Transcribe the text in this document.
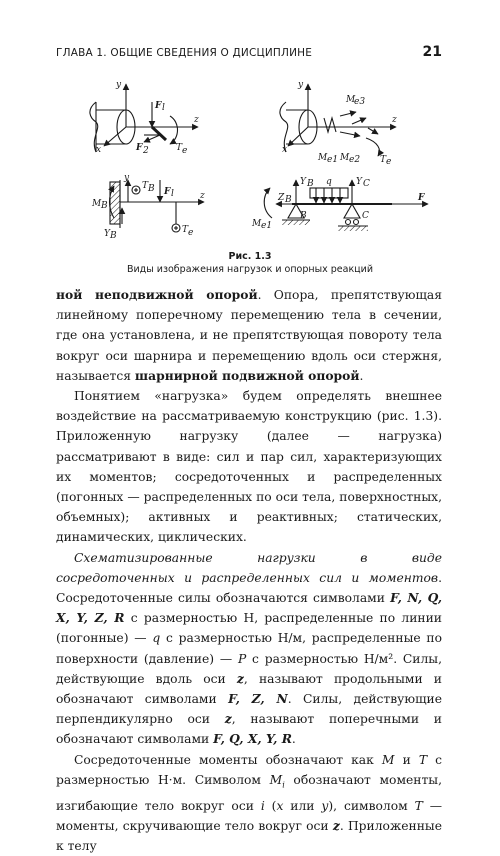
ГЛАВА 1. ОБЩИЕ СВЕДЕНИЯ О ДИСЦИПЛИНЕ	21
y
x
z
F l
F 2	T e
y
x
z
M
e3
M e1 M e2 T e
y
T B
M B
Y B
F l	z
T e
Y B q	Y C
Z B	F
M e1
B	C
Рис. 1.3
Виды изображения нагрузок и опорных реакций

ной неподвижной опорой. Опора, препятствующая линейному поперечному перемещению тела в сечении, где она установлена, и не препятствующая повороту тела вокруг оси шарнира и перемещению вдоль оси стержня, называется шарнирной подвижной опорой.

Понятием «нагрузка» будем определять внешнее воздействие на рассматриваемую конструкцию (рис. 1.3). Приложенную нагрузку (далее — нагрузка) рассматривают в виде: сил и пар сил, характеризующих их моментов; сосредоточенных и распределенных (погонных — распределенных по оси тела, поверхностных, объемных); активных и реактивных; статических, динамических, циклических.

Схематизированные нагрузки в виде сосредоточенных и распределенных сил и моментов. Сосредоточенные силы обозначаются символами F, N, Q, X, Y, Z, R с размерностью Н, распределенные по линии (погонные) — q с размерностью Н/м, распределенные по поверхности (давление) — P с размерностью Н/м². Силы, действующие вдоль оси z, называют продольными и обозначают символами F, Z, N. Силы, действующие перпендикулярно оси z, называют поперечными и обозначают символами F, Q, X, Y, R.

Сосредоточенные моменты обозначают как M и T с размерностью Н·м. Символом $M_i$ обозначают моменты, изгибающие тело вокруг оси i (x или y), символом T — моменты, скручивающие тело вокруг оси z. Приложенные к телу
